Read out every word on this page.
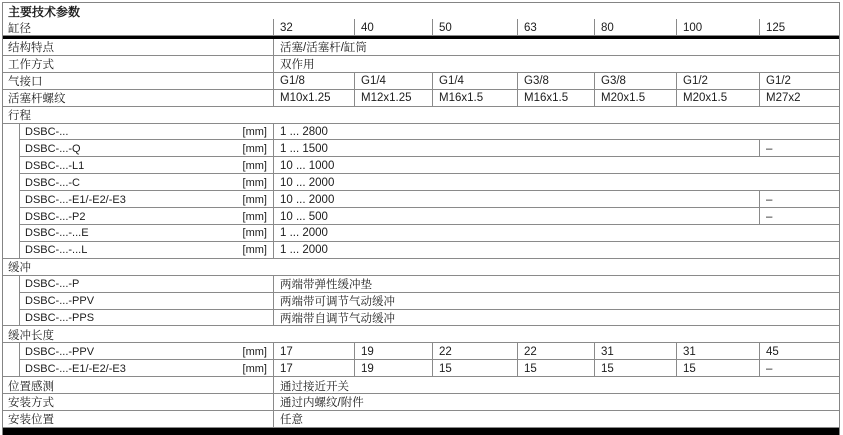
主要技术参数
缸径	32	40	50	63	80	100	125
结构特点	活塞/活塞杆/缸筒
工作方式	双作用
气接口	G1/8	G1/4	G1/4	G3/8	G3/8	G1/2	G1/2
活塞杆螺纹	M10x1.25	M12x1.25	M16x1.5	M16x1.5	M20x1.5	M20x1.5	M27x2
行程
DSBC-...	[mm]	1 ... 2800
DSBC-...-Q	[mm]	1 ... 1500	–
DSBC-...-L1	[mm]	10 ... 1000
DSBC-...-C	[mm]	10 ... 2000
DSBC-...-E1/-E2/-E3	[mm]	10 ... 2000	–
DSBC-...-P2	[mm]	10 ... 500	–
DSBC-...-...E	[mm]	1 ... 2000
DSBC-...-...L	[mm]	1 ... 2000
缓冲
DSBC-...-P	两端带弹性缓冲垫
DSBC-...-PPV	两端带可调节气动缓冲
DSBC-...-PPS	两端带自调节气动缓冲
缓冲长度
DSBC-...-PPV	[mm]	17	19	22	22	31	31	45
DSBC-...-E1/-E2/-E3	[mm]	17	19	15	15	15	15	–
位置感测	通过接近开关
安装方式	通过内螺纹/附件
安装位置	任意
